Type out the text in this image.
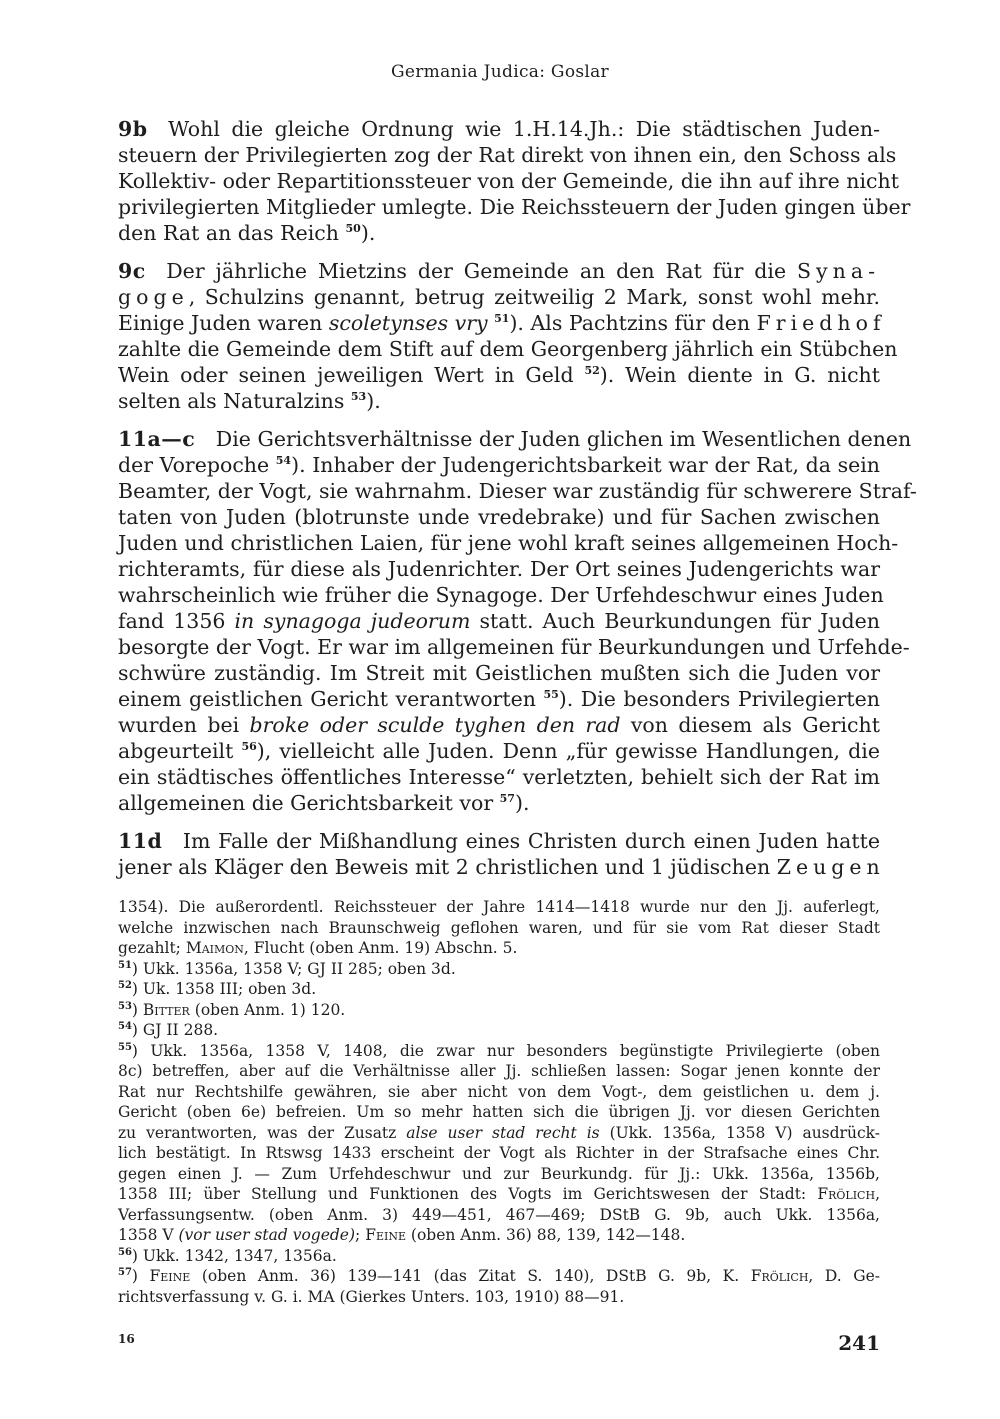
Germania Judica: Goslar
9b  Wohl die gleiche Ordnung wie 1.H.14.Jh.: Die städtischen Juden-
steuern der Privilegierten zog der Rat direkt von ihnen ein, den Schoss als
Kollektiv- oder Repartitionssteuer von der Gemeinde, die ihn auf ihre nicht
privilegierten Mitglieder umlegte. Die Reichssteuern der Juden gingen über
den Rat an das Reich $^{50}$).
9c  Der jährliche Mietzins der Gemeinde an den Rat für die Syna-
goge, Schulzins genannt, betrug zeitweilig 2 Mark, sonst wohl mehr.
Einige Juden waren scoletynses vry $^{51}$). Als Pachtzins für den Friedhof
zahlte die Gemeinde dem Stift auf dem Georgenberg jährlich ein Stübchen
Wein oder seinen jeweiligen Wert in Geld $^{52}$). Wein diente in G. nicht
selten als Naturalzins $^{53}$).
11a—c  Die Gerichtsverhältnisse der Juden glichen im Wesentlichen denen
der Vorepoche $^{54}$). Inhaber der Judengerichtsbarkeit war der Rat, da sein
Beamter, der Vogt, sie wahrnahm. Dieser war zuständig für schwerere Straf-
taten von Juden (blotrunste unde vredebrake) und für Sachen zwischen
Juden und christlichen Laien, für jene wohl kraft seines allgemeinen Hoch-
richteramts, für diese als Judenrichter. Der Ort seines Judengerichts war
wahrscheinlich wie früher die Synagoge. Der Urfehdeschwur eines Juden
fand 1356 in synagoga judeorum statt. Auch Beurkundungen für Juden
besorgte der Vogt. Er war im allgemeinen für Beurkundungen und Urfehde-
schwüre zuständig. Im Streit mit Geistlichen mußten sich die Juden vor
einem geistlichen Gericht verantworten $^{55}$). Die besonders Privilegierten
wurden bei broke oder sculde tyghen den rad von diesem als Gericht
abgeurteilt $^{56}$), vielleicht alle Juden. Denn „für gewisse Handlungen, die
ein städtisches öffentliches Interesse“ verletzten, behielt sich der Rat im
allgemeinen die Gerichtsbarkeit vor $^{57}$).
11d  Im Falle der Mißhandlung eines Christen durch einen Juden hatte
jener als Kläger den Beweis mit 2 christlichen und 1 jüdischen Zeugen
1354). Die außerordentl. Reichssteuer der Jahre 1414—1418 wurde nur den Jj. auferlegt,
welche inzwischen nach Braunschweig geflohen waren, und für sie vom Rat dieser Stadt
gezahlt; Maimon, Flucht (oben Anm. 19) Abschn. 5.
$^{51}$) Ukk. 1356a, 1358 V; GJ II 285; oben 3d.
$^{52}$) Uk. 1358 III; oben 3d.
$^{53}$) Bitter (oben Anm. 1) 120.
$^{54}$) GJ II 288.
$^{55}$) Ukk. 1356a, 1358 V, 1408, die zwar nur besonders begünstigte Privilegierte (oben
8c) betreffen, aber auf die Verhältnisse aller Jj. schließen lassen: Sogar jenen konnte der
Rat nur Rechtshilfe gewähren, sie aber nicht von dem Vogt-, dem geistlichen u. dem j.
Gericht (oben 6e) befreien. Um so mehr hatten sich die übrigen Jj. vor diesen Gerichten
zu verantworten, was der Zusatz alse user stad recht is (Ukk. 1356a, 1358 V) ausdrück-
lich bestätigt. In Rtswsg 1433 erscheint der Vogt als Richter in der Strafsache eines Chr.
gegen einen J. — Zum Urfehdeschwur und zur Beurkundg. für Jj.: Ukk. 1356a, 1356b,
1358 III; über Stellung und Funktionen des Vogts im Gerichtswesen der Stadt: Frölich,
Verfassungsentw. (oben Anm. 3) 449—451, 467—469; DStB G. 9b, auch Ukk. 1356a,
1358 V (vor user stad vogede); Feine (oben Anm. 36) 88, 139, 142—148.
$^{56}$) Ukk. 1342, 1347, 1356a.
$^{57}$) Feine (oben Anm. 36) 139—141 (das Zitat S. 140), DStB G. 9b, K. Frölich, D. Ge-
richtsverfassung v. G. i. MA (Gierkes Unters. 103, 1910) 88—91.
16	241
